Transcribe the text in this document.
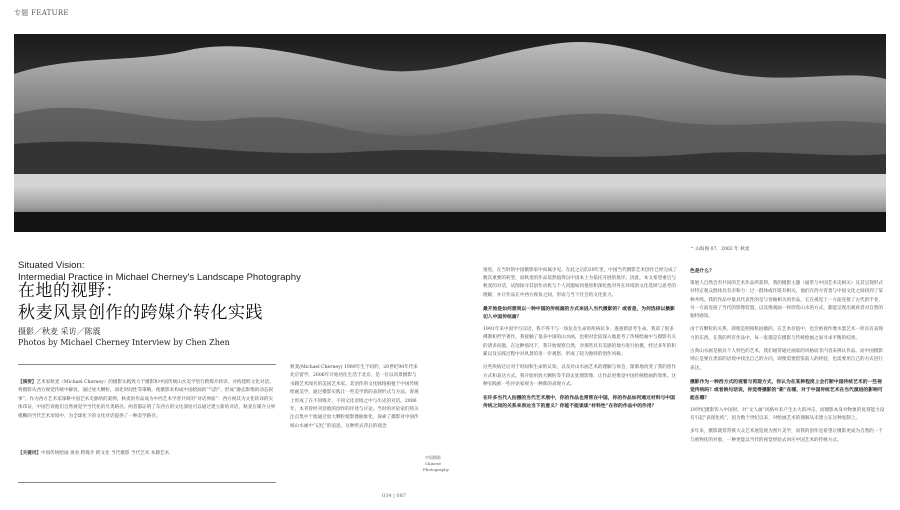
专题 FEATURE
^ 山海图 07，2002 年 秋麦
Situated Vision:
Intermedial Practice in Michael Cherney's Landscape Photography
在地的视野：
秋麦风景创作的跨媒介转化实践
摄影／秋麦 采访／陈震
Photos by Michael Cherney Interview by Chen Zhen
【摘要】艺术家秋麦（Michael Cherney）的摄影实践致力于摄影和中国传统山水美学进行跨媒介转译，并构建跨文化对话。将摄影从西方视觉传统中解放，通过放大颗粒、弱化时间性等策略，使摄影来构成中国绘画的“气韵”，形成“静态影像的动态叙事”。作为西方艺术家深耕中国艺术史脉络的案例，秋麦的作品成为中西艺术学者共同的“对话界面”：西方视其为文化转译的实体印证，中国告诉他们自然视觉学当代化的另类路径。两者都证明了东西方的文化深度可以通过建立新的对话，秋麦在媒介分界模糊的当代艺术语境中，为全球化下的文化对话提供了一种美学路径。
【关键词】中国传统绘画 观看 跨媒介 跨文化 当代摄影 当代艺术 本籍艺术

秋麦(Michael Cherney) 1969年生于纽约，20世纪90年代来北京留学。2006年开始居住生活于北京。是一位以风景摄影与书籍艺术闻名的美国艺术家。其创作的文化脉络根植于中国传统绘画美学，通过摄影实践让一些美学新的表现形式与方法。客观上形成了在不同媒介、不同文化语境之中与历史的对话。2006年，本刊曾经刊登他的创作的评述与讨论。当时的评论家们将关注点集中于他通过放大颗粒使影像抽象化，探索了摄影对中国传统山水画中“记忆”的追思。这种形式背后的观念

中国摄影
Chinese Photography
034 | 087

推进，在当时的中国摄影家中尚属少见。在此之后的20年里，中国当代摄影艺术创作已经完成了数次重要的转型，而秋麦的作品依然值得以中国本土为依托开展的批评。因此，本文希望重启与秋麦的对话，试图探寻其创作动机与个人问题如何推进和深化他对外在环境的文化选择与思考的理解，并让作品在中西方视角之间，形成与当下社会的文化张力。

最开始是如何想到以一种中国的传统画的方式来进入当代摄影的？或者是，为何选择以摄影切入中国传统画？

1991年来中国学习汉语，我不得不与一场危及生命的疾病抗争，遂重新思考生命。我读了很多佛教和哲学著作，我接触了很多中国的山水画，也相对比较深入地思考了传统绘画中与摄影有关的诸多问题。在这种情况下，我开始观察自然，对那些具有美感的地方进行拍摄，经过多年的积累以及实践过程中对风景的进一步观察，形成了较为独特的创作风格。

这些疾病过后对于时间和生命的认知，以及对山水画艺术的理解与体会，渐渐地改变了我的创作方式和表达方式。我开始用放大颗粒等手段去处理影像，让作品更像是中国传统绘画的效果。这种实践被一些评论家视为一种新的表现方式。

在许多当代人拍摄的当代艺术展中，你的作品也常常在中国，你的作品如何通过材料与中国传统之间的关系来表达当下的意义？你能不能谈谈“材料性”在你的作品中的作用？

色是什么？

策展人自然会有共同的艺术作品所获得，我的摄影主题（通常与中国艺术史相关）及其呈现形式对特定观众群体具有亲和力：过一群体或许既有相关，他们在西方背景与中国文化之间找到了某种共鸣。我的作品中最具代表性的是与卷轴相关的作品，它在视觉上一方面连接了古代的手卷，另一方面连接了当代的影像装置。以及像观画一样欣赏山水的方式，都能呈现出观看者对自然的独特感知。

由于有颗粒的关系，即使是照相机拍摄的，在艺术价值中，也会被视作像水墨艺术一样具有表现力的东西。在我的所有作品中，每一张都是在摄影与传统绘画之间寻求平衡的结果。

古典山水画是极具个人特色的艺术，我们通常通过画家的风格而非内容来辨认作品。而中国摄影则正是要在类似的语境中找出自己的方向，即便需要借鉴前人的经验，也需要用自己的方式进行表达。

摄影作为一种西方式的观看与再现方式，你认为在某种程度上会打断中国传统艺术的一些视觉传统吗？或者换句话说，你觉得摄影的“新”在哪，对于中国传统艺术在当代演进的影响可能在哪？

19世纪摄影传入中国时，对“文人画”风格并未产生太大的冲击，而摄影本身对物象的复刻能力没有引起“表现化机”，因为数个世纪以来，对绘画艺术的理解从未建立在这种复制上。

多年来，摄影就常常被大众艺术展览视为照片美学，而我的创作是希望让摄影更成为自然的一个与被物化的对象，一种更能以当代的视觉经验去回应中国艺术的传统方式。
